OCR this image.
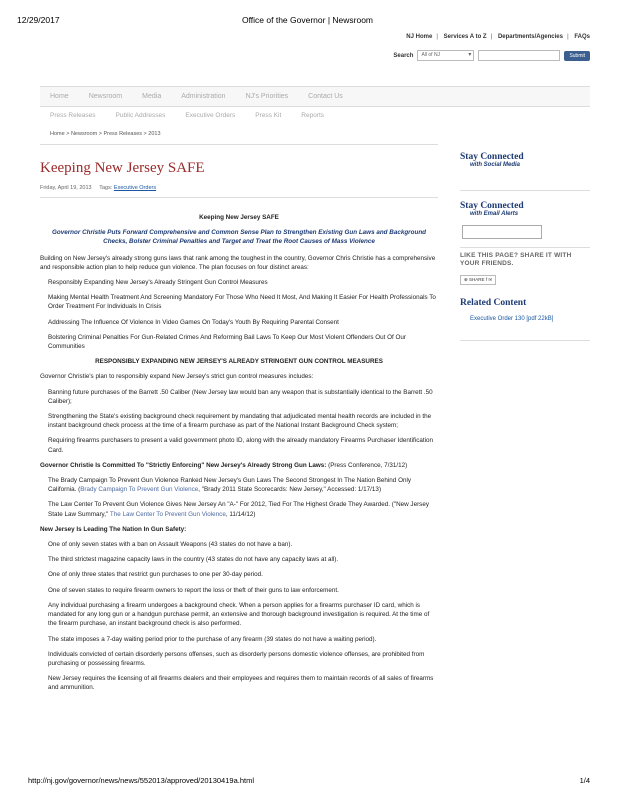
12/29/2017	Office of the Governor | Newsroom
NJ Home | Services A to Z | Departments/Agencies | FAQs
Search	All of NJ ▾	Submit
Home	Newsroom	Media	Administration	NJ's Priorities	Contact Us
Press Releases	Public Addresses	Executive Orders	Press Kit	Reports
Home > Newsroom > Press Releases > 2013
Keeping New Jersey SAFE
Friday, April 19, 2013 Tags: Executive Orders

Keeping New Jersey SAFE

Governor Christie Puts Forward Comprehensive and Common Sense Plan to Strengthen Existing Gun Laws and Background Checks, Bolster Criminal Penalties and Target and Treat the Root Causes of Mass Violence

Building on New Jersey's already strong guns laws that rank among the toughest in the country, Governor Chris Christie has a comprehensive and responsible action plan to help reduce gun violence. The plan focuses on four distinct areas:

Responsibly Expanding New Jersey's Already Stringent Gun Control Measures

Making Mental Health Treatment And Screening Mandatory For Those Who Need It Most, And Making It Easier For Health Professionals To Order Treatment For Individuals In Crisis

Addressing The Influence Of Violence In Video Games On Today's Youth By Requiring Parental Consent

Bolstering Criminal Penalties For Gun-Related Crimes And Reforming Bail Laws To Keep Our Most Violent Offenders Out Of Our Communities

RESPONSIBLY EXPANDING NEW JERSEY'S ALREADY STRINGENT GUN CONTROL MEASURES

Governor Christie's plan to responsibly expand New Jersey's strict gun control measures includes:

Banning future purchases of the Barrett .50 Caliber (New Jersey law would ban any weapon that is substantially identical to the Barrett .50 Caliber);

Strengthening the State's existing background check requirement by mandating that adjudicated mental health records are included in the instant background check process at the time of a firearm purchase as part of the National Instant Background Check system;

Requiring firearms purchasers to present a valid government photo ID, along with the already mandatory Firearms Purchaser Identification Card.

Governor Christie Is Committed To "Strictly Enforcing" New Jersey's Already Strong Gun Laws: (Press Conference, 7/31/12)

The Brady Campaign To Prevent Gun Violence Ranked New Jersey's Gun Laws The Second Strongest In The Nation Behind Only California. (Brady Campaign To Prevent Gun Violence, "Brady 2011 State Scorecards: New Jersey," Accessed: 1/17/13)

The Law Center To Prevent Gun Violence Gives New Jersey An "A-" For 2012, Tied For The Highest Grade They Awarded. ("New Jersey State Law Summary," The Law Center To Prevent Gun Violence, 11/14/12)

New Jersey Is Leading The Nation In Gun Safety:

One of only seven states with a ban on Assault Weapons (43 states do not have a ban).

The third strictest magazine capacity laws in the country (43 states do not have any capacity laws at all).

One of only three states that restrict gun purchases to one per 30-day period.

One of seven states to require firearm owners to report the loss or theft of their guns to law enforcement.

Any individual purchasing a firearm undergoes a background check. When a person applies for a firearms purchaser ID card, which is mandated for any long gun or a handgun purchase permit, an extensive and thorough background investigation is required. At the time of the firearm purchase, an instant background check is also performed.

The state imposes a 7-day waiting period prior to the purchase of any firearm (39 states do not have a waiting period).

Individuals convicted of certain disorderly persons offenses, such as disorderly persons domestic violence offenses, are prohibited from purchasing or possessing firearms.

New Jersey requires the licensing of all firearms dealers and their employees and requires them to maintain records of all sales of firearms and ammunition.

Stay Connected
with Social Media
Stay Connected
with Email Alerts
LIKE THIS PAGE? SHARE IT WITH YOUR FRIENDS.
⊕ SHARE f ✉
Related Content
Executive Order 130 [pdf 22kB]
http://nj.gov/governor/news/news/552013/approved/20130419a.html	1/4
